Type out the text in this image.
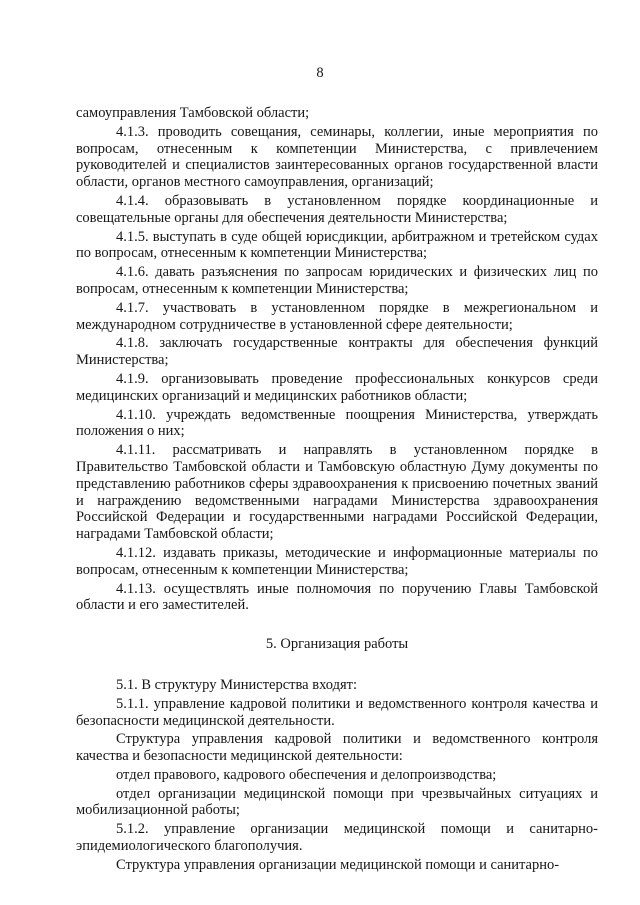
8

самоуправления Тамбовской области;

4.1.3. проводить совещания, семинары, коллегии, иные мероприятия по вопросам, отнесенным к компетенции Министерства, с привлечением руководителей и специалистов заинтересованных органов государственной власти области, органов местного самоуправления, организаций;

4.1.4. образовывать в установленном порядке координационные и совещательные органы для обеспечения деятельности Министерства;

4.1.5. выступать в суде общей юрисдикции, арбитражном и третейском судах по вопросам, отнесенным к компетенции Министерства;

4.1.6. давать разъяснения по запросам юридических и физических лиц по вопросам, отнесенным к компетенции Министерства;

4.1.7. участвовать в установленном порядке в межрегиональном и международном сотрудничестве в установленной сфере деятельности;

4.1.8. заключать государственные контракты для обеспечения функций Министерства;

4.1.9. организовывать проведение профессиональных конкурсов среди медицинских организаций и медицинских работников области;

4.1.10. учреждать ведомственные поощрения Министерства, утверждать положения о них;

4.1.11. рассматривать и направлять в установленном порядке в Правительство Тамбовской области и Тамбовскую областную Думу документы по представлению работников сферы здравоохранения к присвоению почетных званий и награждению ведомственными наградами Министерства здравоохранения Российской Федерации и государственными наградами Российской Федерации, наградами Тамбовской области;

4.1.12. издавать приказы, методические и информационные материалы по вопросам, отнесенным к компетенции Министерства;

4.1.13. осуществлять иные полномочия по поручению Главы Тамбовской области и его заместителей.

5. Организация работы

5.1. В структуру Министерства входят:

5.1.1. управление кадровой политики и ведомственного контроля качества и безопасности медицинской деятельности.

Структура управления кадровой политики и ведомственного контроля качества и безопасности медицинской деятельности:

отдел правового, кадрового обеспечения и делопроизводства;

отдел организации медицинской помощи при чрезвычайных ситуациях и мобилизационной работы;

5.1.2. управление организации медицинской помощи и санитарно-эпидемиологического благополучия.

Структура управления организации медицинской помощи и санитарно-
